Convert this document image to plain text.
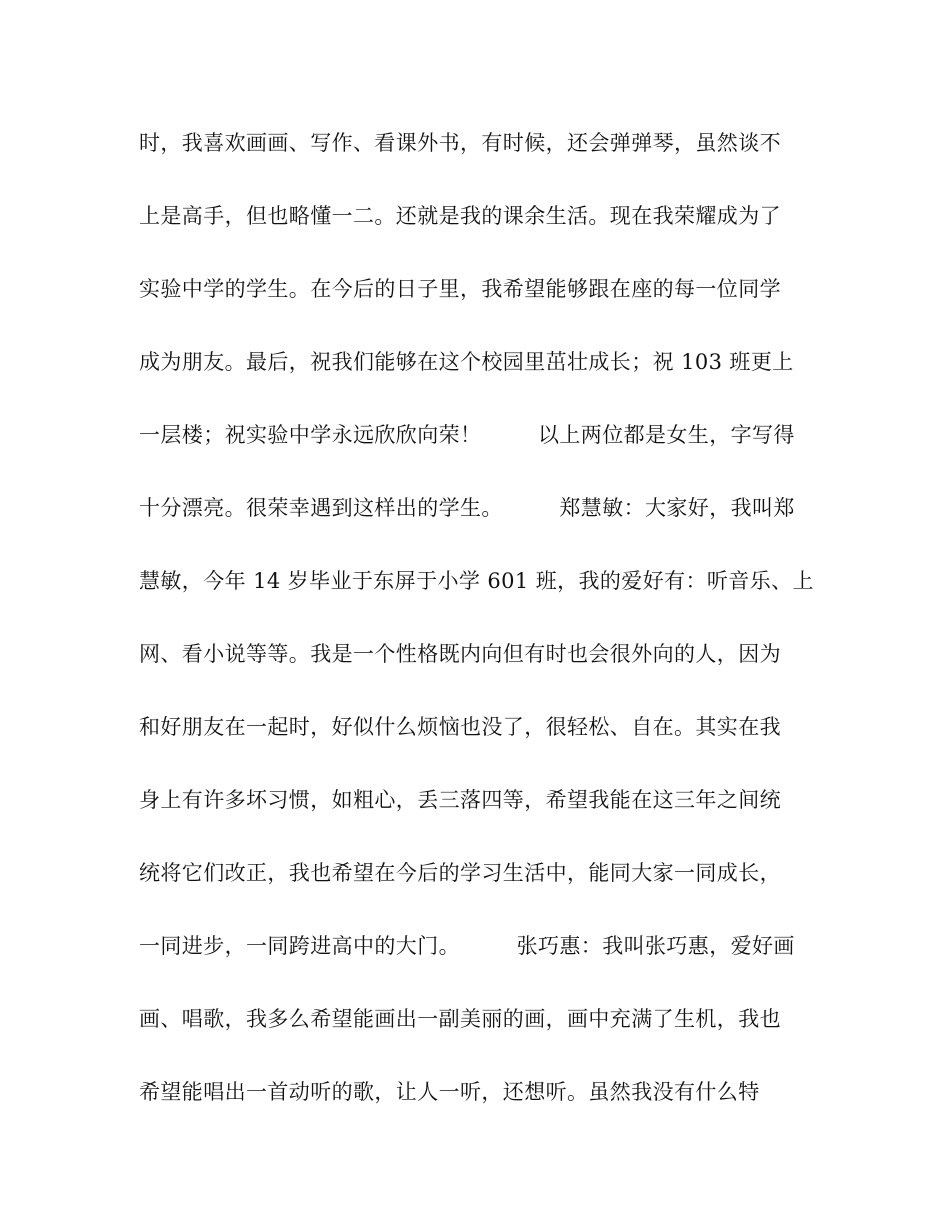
时，我喜欢画画、写作、看课外书，有时候，还会弹弹琴，虽然谈不
上是高手，但也略懂一二。还就是我的课余生活。现在我荣耀成为了
实验中学的学生。在今后的日子里，我希望能够跟在座的每一位同学
成为朋友。最后，祝我们能够在这个校园里茁壮成长；祝 103 班更上
一层楼；祝实验中学永远欣欣向荣！        以上两位都是女生，字写得
十分漂亮。很荣幸遇到这样出的学生。        郑慧敏：大家好，我叫郑
慧敏，今年 14 岁毕业于东屏于小学 601 班，我的爱好有：听音乐、上
网、看小说等等。我是一个性格既内向但有时也会很外向的人，因为
和好朋友在一起时，好似什么烦恼也没了，很轻松、自在。其实在我
身上有许多坏习惯，如粗心，丢三落四等，希望我能在这三年之间统
统将它们改正，我也希望在今后的学习生活中，能同大家一同成长，
一同进步，一同跨进高中的大门。        张巧惠：我叫张巧惠，爱好画
画、唱歌，我多么希望能画出一副美丽的画，画中充满了生机，我也
希望能唱出一首动听的歌，让人一听，还想听。虽然我没有什么特
